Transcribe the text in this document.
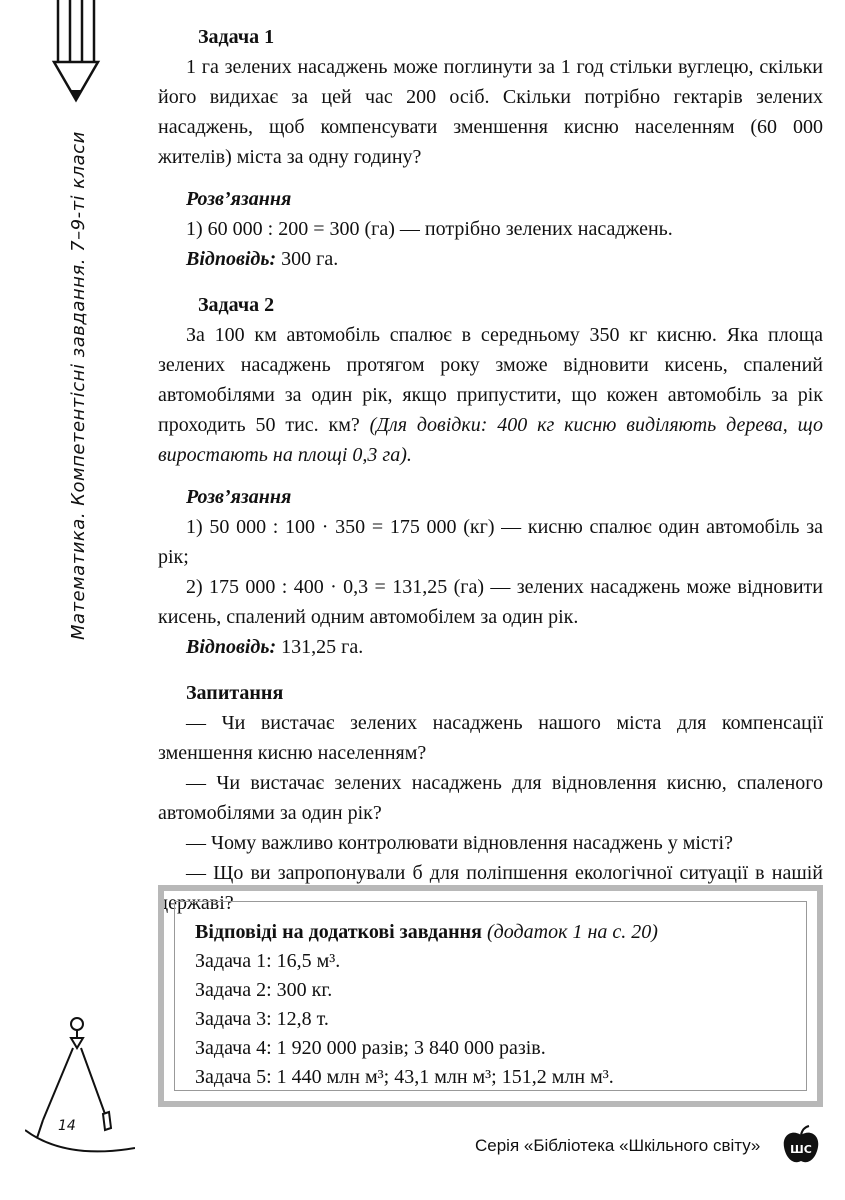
Математика. Компетентісні завдання. 7–9-ті класи
14
Задача 1

1 га зелених насаджень може поглинути за 1 год стільки вуглецю, скільки його видихає за цей час 200 осіб. Скільки потрібно гектарів зелених насаджень, щоб компенсувати зменшення кисню населенням (60 000 жителів) міста за одну годину?

Розв’язання
1) 60 000 : 200 = 300 (га) — потрібно зелених насаджень.
Відповідь: 300 га.
Задача 2

За 100 км автомобіль спалює в середньому 350 кг кисню. Яка площа зелених насаджень протягом року зможе відновити кисень, спалений автомобілями за один рік, якщо припустити, що кожен автомобіль за рік проходить 50 тис. км? (Для довідки: 400 кг кисню виділяють дерева, що виростають на площі 0,3 га).

Розв’язання
1) 50 000 : 100 · 350 = 175 000 (кг) — кисню спалює один автомобіль за рік;
2) 175 000 : 400 · 0,3 = 131,25 (га) — зелених насаджень може відновити кисень, спалений одним автомобілем за один рік.
Відповідь: 131,25 га.
Запитання
— Чи вистачає зелених насаджень нашого міста для компенсації зменшення кисню населенням?
— Чи вистачає зелених насаджень для відновлення кисню, спаленого автомобілями за один рік?
— Чому важливо контролювати відновлення насаджень у місті?
— Що ви запропонували б для поліпшення екологічної ситуації в нашій державі?
Відповіді на додаткові завдання (додаток 1 на с. 20)
Задача 1: 16,5 м³.
Задача 2: 300 кг.
Задача 3: 12,8 т.
Задача 4: 1 920 000 разів; 3 840 000 разів.
Задача 5: 1 440 млн м³; 43,1 млн м³; 151,2 млн м³.
Серія «Бібліотека «Шкільного світу»	ШС
